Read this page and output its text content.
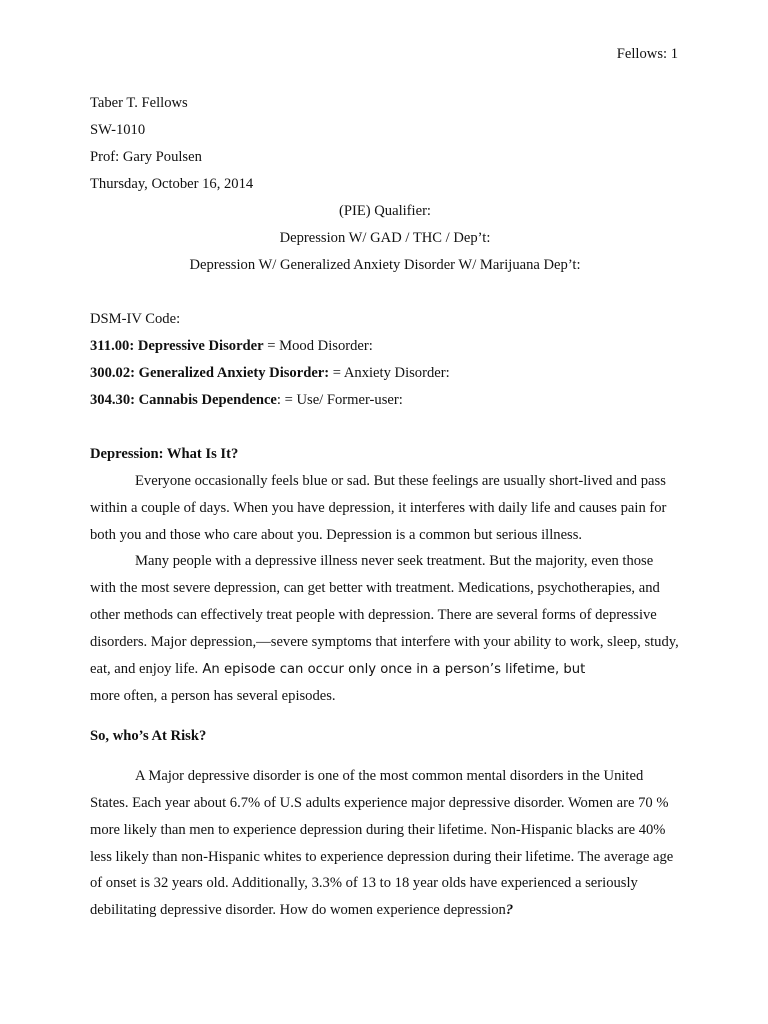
Fellows: 1
Taber T. Fellows
SW-1010
Prof: Gary Poulsen
Thursday, October 16, 2014
(PIE) Qualifier:
Depression W/ GAD / THC / Dep’t:
Depression W/ Generalized Anxiety Disorder W/ Marijuana Dep’t:
DSM-IV Code:
311.00: Depressive Disorder = Mood Disorder:
300.02: Generalized Anxiety Disorder: = Anxiety Disorder:
304.30: Cannabis Dependence: = Use/ Former-user:
Depression: What Is It?

Everyone occasionally feels blue or sad. But these feelings are usually short-lived and pass within a couple of days. When you have depression, it interferes with daily life and causes pain for both you and those who care about you. Depression is a common but serious illness.

Many people with a depressive illness never seek treatment. But the majority, even those with the most severe depression, can get better with treatment. Medications, psychotherapies, and other methods can effectively treat people with depression. There are several forms of depressive disorders. Major depression,—severe symptoms that interfere with your ability to work, sleep, study, eat, and enjoy life. An episode can occur only once in a person’s lifetime, but
more often, a person has several episodes.

So, who’s At Risk?

A Major depressive disorder is one of the most common mental disorders in the United States. Each year about 6.7% of U.S adults experience major depressive disorder. Women are 70 % more likely than men to experience depression during their lifetime. Non-Hispanic blacks are 40% less likely than non-Hispanic whites to experience depression during their lifetime. The average age of onset is 32 years old. Additionally, 3.3% of 13 to 18 year olds have experienced a seriously debilitating depressive disorder. How do women experience depression?
